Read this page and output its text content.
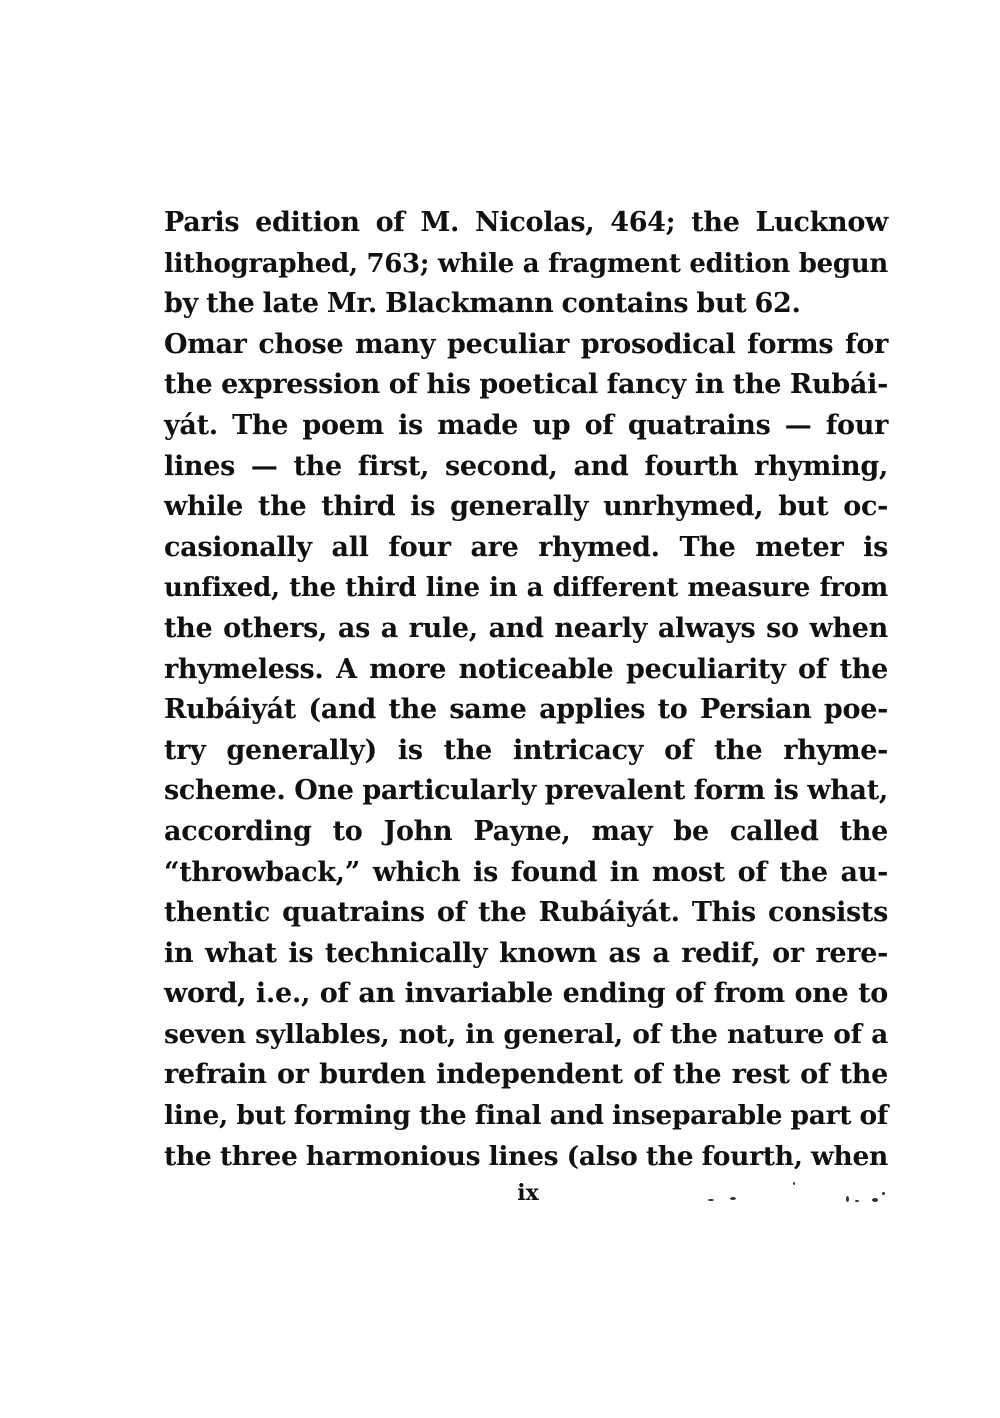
Paris edition of M. Nicolas, 464; the Lucknow
lithographed, 763; while a fragment edition begun
by the late Mr. Blackmann contains but 62.
Omar chose many peculiar prosodical forms for
the expression of his poetical fancy in the Rubái-
yát. The poem is made up of quatrains — four
lines — the first, second, and fourth rhyming,
while the third is generally unrhymed, but oc-
casionally all four are rhymed. The meter is
unfixed, the third line in a different measure from
the others, as a rule, and nearly always so when
rhymeless. A more noticeable peculiarity of the
Rubáiyát (and the same applies to Persian poe-
try generally) is the intricacy of the rhyme-
scheme. One particularly prevalent form is what,
according to John Payne, may be called the
“throwback,” which is found in most of the au-
thentic quatrains of the Rubáiyát. This consists
in what is technically known as a redif, or rere-
word, i.e., of an invariable ending of from one to
seven syllables, not, in general, of the nature of a
refrain or burden independent of the rest of the
line, but forming the final and inseparable part of
the three harmonious lines (also the fourth, when
ix
